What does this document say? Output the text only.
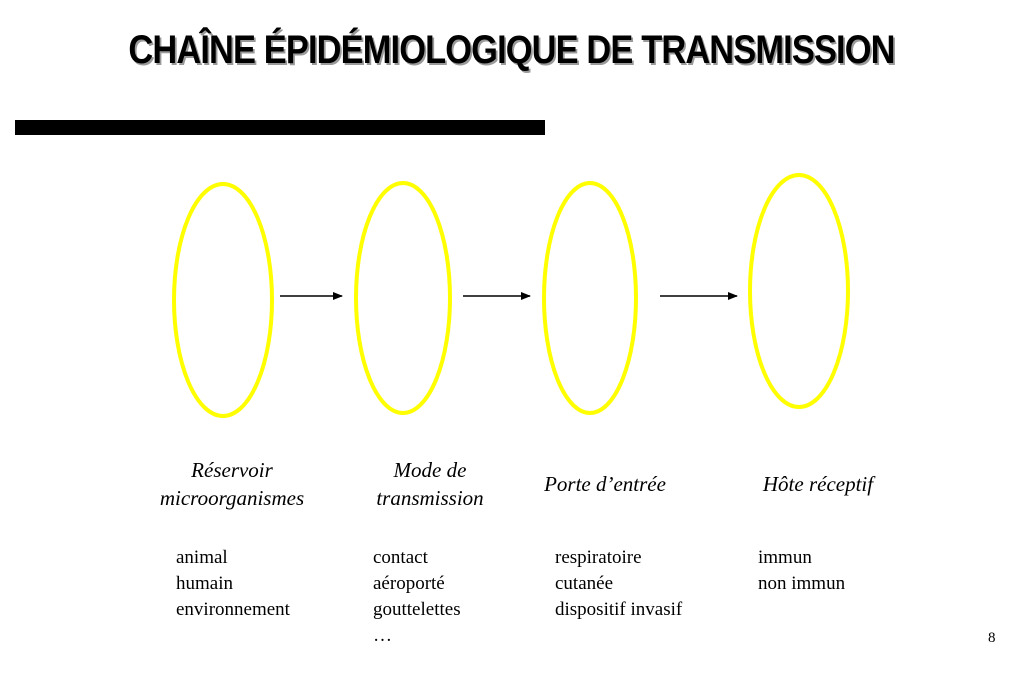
CHAÎNE ÉPIDÉMIOLOGIQUE DE TRANSMISSION
Réservoir
microorganismes
Mode de
transmission
Porte d’entrée	Hôte réceptif
animal
humain
environnement
contact
aéroporté
gouttelettes
…
respiratoire
cutanée
dispositif invasif
immun
non immun
8
